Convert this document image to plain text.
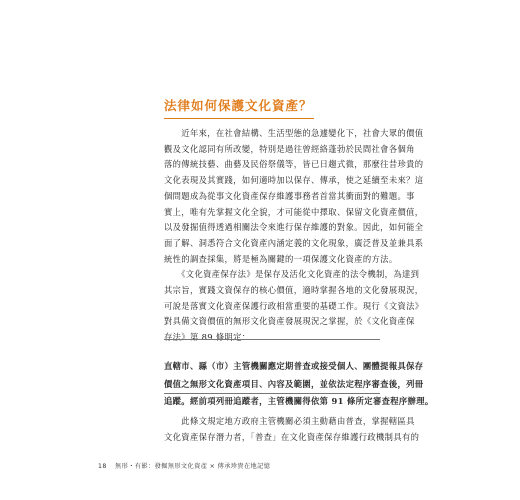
法律如何保護文化資產？
　　近年來，在社會結構、生活型態的急遽變化下，社會大眾的價值
觀及文化認同有所改變，特別是過往曾經絡蓬勃於民間社會各個角
落的傳統技藝、曲藝及民俗祭儀等，皆已日趨式微，那麼往昔珍貴的
文化表現及其實踐，如何適時加以保存、傳承，使之延續至未來？這
個問題成為從事文化資產保存維護事務者首當其衝面對的難題。事
實上，唯有先掌握文化全貌，才可能從中擇取、保留文化資產價值，
以及發掘值得透過相關法令來進行保存維護的對象。因此，如何能全
面了解、洞悉符合文化資產內涵定義的文化現象，廣泛普及並兼具系
統性的調查採集，將是極為關鍵的一項保護文化資產的方法。
　　《文化資產保存法》是保存及活化文化資產的法令機制，為達到
其宗旨，實踐文資保存的核心價值，適時掌握各地的文化發展現況，
可說是落實文化資產保護行政相當重要的基礎工作。現行《文資法》
對具備文資價值的無形文化資產發展現況之掌握，於《文化資產保
存法》第 89 條明定：
直轄市、縣（市）主管機關應定期普查或接受個人、團體提報具保存
價值之無形文化資產項目、內容及範圍，並依法定程序審查後，列冊
追蹤。經前項列冊追蹤者，主管機關得依第 91 條所定審查程序辦理。
　　此條文規定地方政府主管機關必須主動藉由普查，掌握轄區具
文化資產保存潛力者，「普查」在文化資產保存維護行政機制具有的
18 無形・有影：發掘無形文化資產 × 傳承珍貴在地記憶
